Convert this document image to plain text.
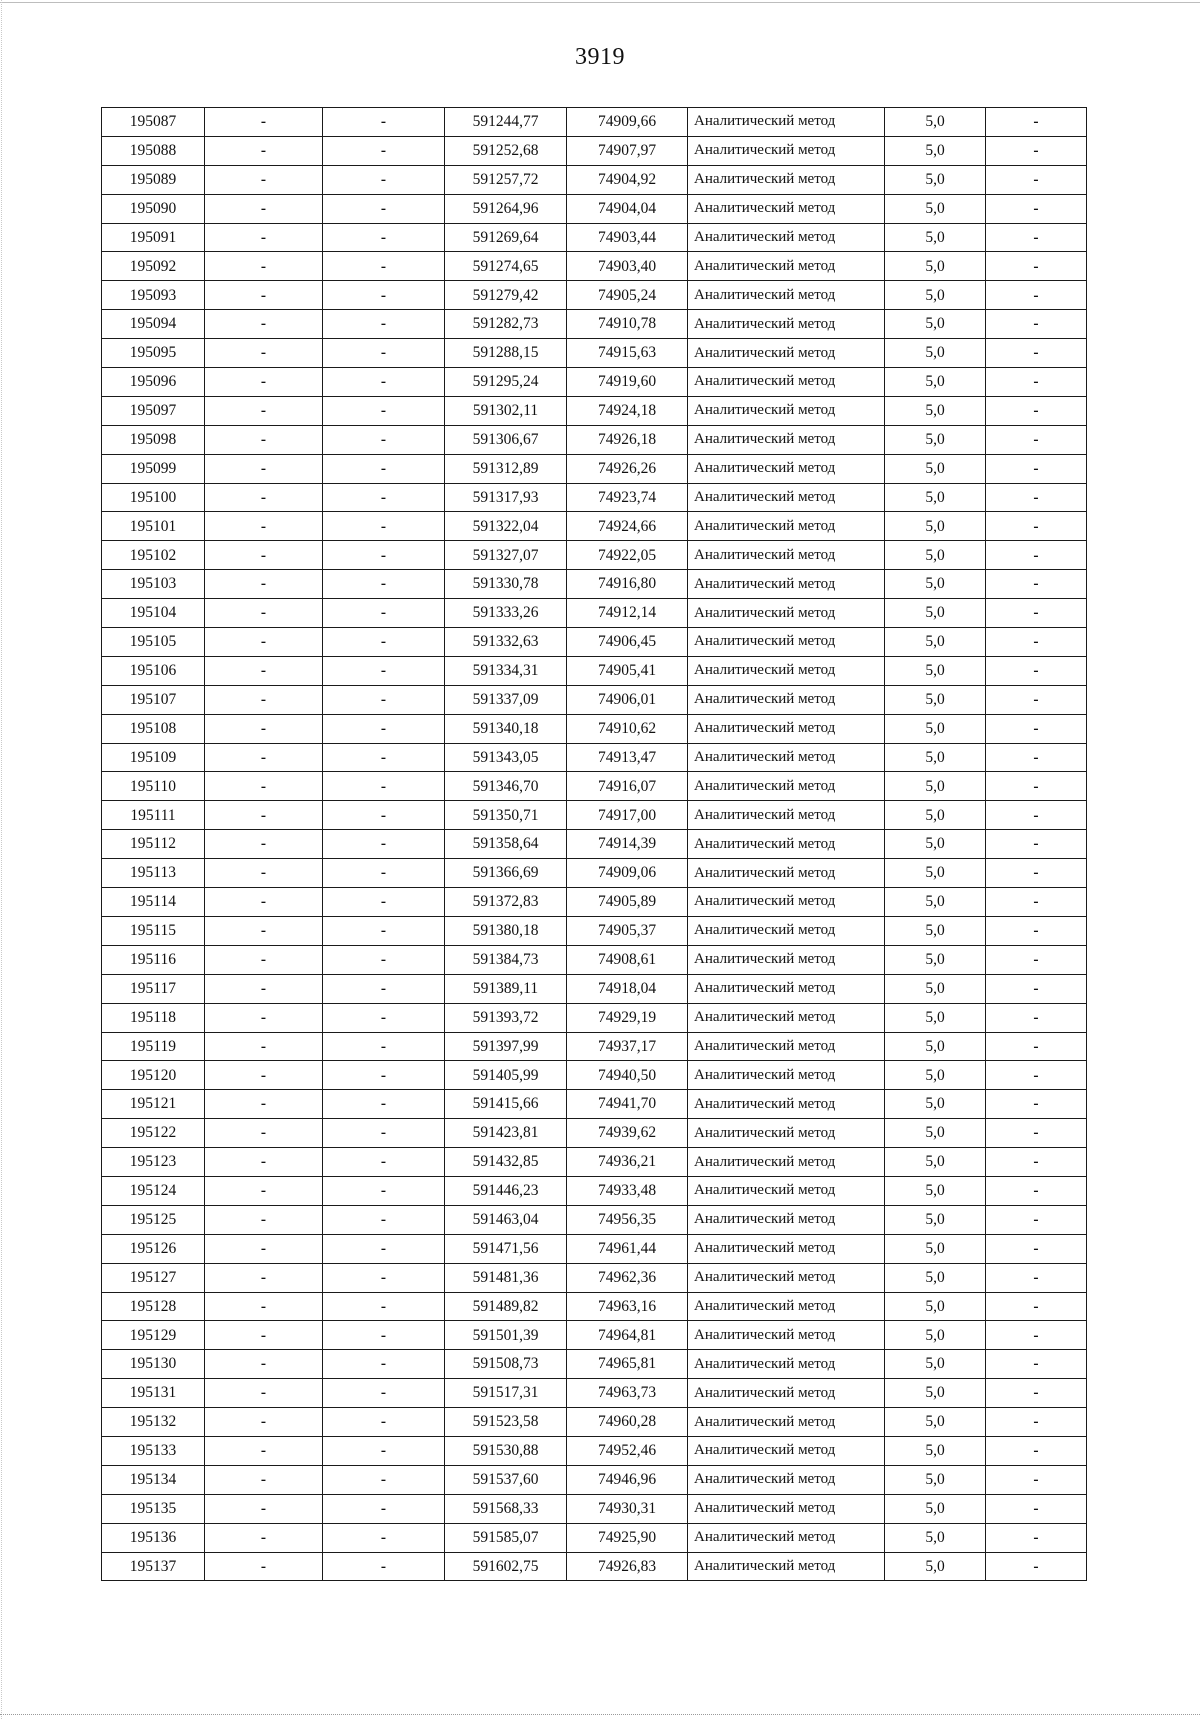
3919
195087	-	-	591244,77	74909,66	Аналитический метод	5,0	-
195088	-	-	591252,68	74907,97	Аналитический метод	5,0	-
195089	-	-	591257,72	74904,92	Аналитический метод	5,0	-
195090	-	-	591264,96	74904,04	Аналитический метод	5,0	-
195091	-	-	591269,64	74903,44	Аналитический метод	5,0	-
195092	-	-	591274,65	74903,40	Аналитический метод	5,0	-
195093	-	-	591279,42	74905,24	Аналитический метод	5,0	-
195094	-	-	591282,73	74910,78	Аналитический метод	5,0	-
195095	-	-	591288,15	74915,63	Аналитический метод	5,0	-
195096	-	-	591295,24	74919,60	Аналитический метод	5,0	-
195097	-	-	591302,11	74924,18	Аналитический метод	5,0	-
195098	-	-	591306,67	74926,18	Аналитический метод	5,0	-
195099	-	-	591312,89	74926,26	Аналитический метод	5,0	-
195100	-	-	591317,93	74923,74	Аналитический метод	5,0	-
195101	-	-	591322,04	74924,66	Аналитический метод	5,0	-
195102	-	-	591327,07	74922,05	Аналитический метод	5,0	-
195103	-	-	591330,78	74916,80	Аналитический метод	5,0	-
195104	-	-	591333,26	74912,14	Аналитический метод	5,0	-
195105	-	-	591332,63	74906,45	Аналитический метод	5,0	-
195106	-	-	591334,31	74905,41	Аналитический метод	5,0	-
195107	-	-	591337,09	74906,01	Аналитический метод	5,0	-
195108	-	-	591340,18	74910,62	Аналитический метод	5,0	-
195109	-	-	591343,05	74913,47	Аналитический метод	5,0	-
195110	-	-	591346,70	74916,07	Аналитический метод	5,0	-
195111	-	-	591350,71	74917,00	Аналитический метод	5,0	-
195112	-	-	591358,64	74914,39	Аналитический метод	5,0	-
195113	-	-	591366,69	74909,06	Аналитический метод	5,0	-
195114	-	-	591372,83	74905,89	Аналитический метод	5,0	-
195115	-	-	591380,18	74905,37	Аналитический метод	5,0	-
195116	-	-	591384,73	74908,61	Аналитический метод	5,0	-
195117	-	-	591389,11	74918,04	Аналитический метод	5,0	-
195118	-	-	591393,72	74929,19	Аналитический метод	5,0	-
195119	-	-	591397,99	74937,17	Аналитический метод	5,0	-
195120	-	-	591405,99	74940,50	Аналитический метод	5,0	-
195121	-	-	591415,66	74941,70	Аналитический метод	5,0	-
195122	-	-	591423,81	74939,62	Аналитический метод	5,0	-
195123	-	-	591432,85	74936,21	Аналитический метод	5,0	-
195124	-	-	591446,23	74933,48	Аналитический метод	5,0	-
195125	-	-	591463,04	74956,35	Аналитический метод	5,0	-
195126	-	-	591471,56	74961,44	Аналитический метод	5,0	-
195127	-	-	591481,36	74962,36	Аналитический метод	5,0	-
195128	-	-	591489,82	74963,16	Аналитический метод	5,0	-
195129	-	-	591501,39	74964,81	Аналитический метод	5,0	-
195130	-	-	591508,73	74965,81	Аналитический метод	5,0	-
195131	-	-	591517,31	74963,73	Аналитический метод	5,0	-
195132	-	-	591523,58	74960,28	Аналитический метод	5,0	-
195133	-	-	591530,88	74952,46	Аналитический метод	5,0	-
195134	-	-	591537,60	74946,96	Аналитический метод	5,0	-
195135	-	-	591568,33	74930,31	Аналитический метод	5,0	-
195136	-	-	591585,07	74925,90	Аналитический метод	5,0	-
195137	-	-	591602,75	74926,83	Аналитический метод	5,0	-
